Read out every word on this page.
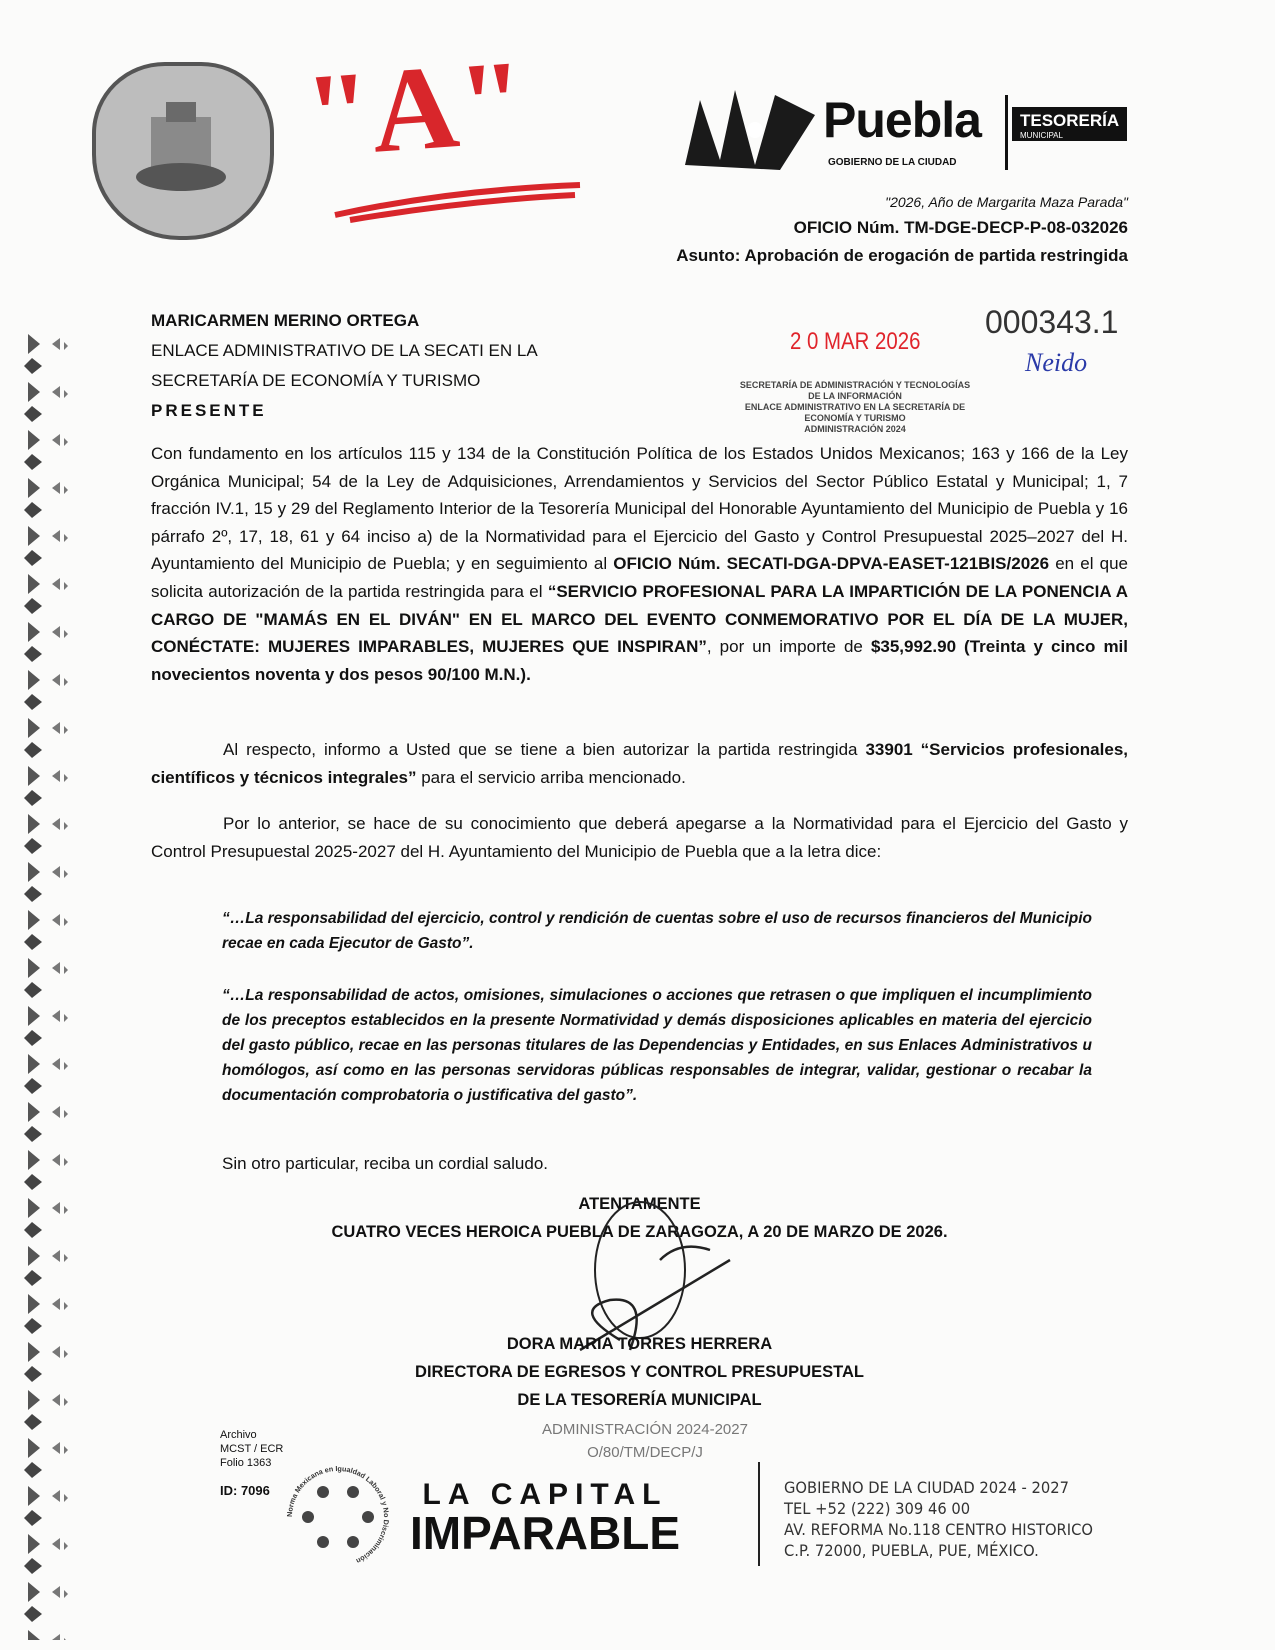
"A"	Puebla
GOBIERNO DE LA CIUDAD
TESORERÍA
MUNICIPAL
"2026, Año de Margarita Maza Parada"
OFICIO Núm. TM-DGE-DECP-P-08-032026
Asunto: Aprobación de erogación de partida restringida
2 0 MAR 2026
000343.1
Neido
SECRETARÍA DE ADMINISTRACIÓN Y TECNOLOGÍAS
DE LA INFORMACIÓN
ENLACE ADMINISTRATIVO EN LA SECRETARÍA DE
ECONOMÍA Y TURISMO
ADMINISTRACIÓN 2024
MARICARMEN MERINO ORTEGA
ENLACE ADMINISTRATIVO DE LA SECATI EN LA
SECRETARÍA DE ECONOMÍA Y TURISMO
PRESENTE
Con fundamento en los artículos 115 y 134 de la Constitución Política de los Estados Unidos Mexicanos; 163 y 166 de la Ley Orgánica Municipal; 54 de la Ley de Adquisiciones, Arrendamientos y Servicios del Sector Público Estatal y Municipal; 1, 7 fracción IV.1, 15 y 29 del Reglamento Interior de la Tesorería Municipal del Honorable Ayuntamiento del Municipio de Puebla y 16 párrafo 2º, 17, 18, 61 y 64 inciso a) de la Normatividad para el Ejercicio del Gasto y Control Presupuestal 2025–2027 del H. Ayuntamiento del Municipio de Puebla; y en seguimiento al OFICIO Núm. SECATI-DGA-DPVA-EASET-121BIS/2026 en el que solicita autorización de la partida restringida para el “SERVICIO PROFESIONAL PARA LA IMPARTICIÓN DE LA PONENCIA A CARGO DE "MAMÁS EN EL DIVÁN" EN EL MARCO DEL EVENTO CONMEMORATIVO POR EL DÍA DE LA MUJER, CONÉCTATE: MUJERES IMPARABLES, MUJERES QUE INSPIRAN”, por un importe de $35,992.90 (Treinta y cinco mil novecientos noventa y dos pesos 90/100 M.N.).
Al respecto, informo a Usted que se tiene a bien autorizar la partida restringida 33901 “Servicios profesionales, científicos y técnicos integrales” para el servicio arriba mencionado.
Por lo anterior, se hace de su conocimiento que deberá apegarse a la Normatividad para el Ejercicio del Gasto y Control Presupuestal 2025-2027 del H. Ayuntamiento del Municipio de Puebla que a la letra dice:
“…La responsabilidad del ejercicio, control y rendición de cuentas sobre el uso de recursos financieros del Municipio recae en cada Ejecutor de Gasto”.
“…La responsabilidad de actos, omisiones, simulaciones o acciones que retrasen o que impliquen el incumplimiento de los preceptos establecidos en la presente Normatividad y demás disposiciones aplicables en materia del ejercicio del gasto público, recae en las personas titulares de las Dependencias y Entidades, en sus Enlaces Administrativos u homólogos, así como en las personas servidoras públicas responsables de integrar, validar, gestionar o recabar la documentación comprobatoria o justificativa del gasto”.
Sin otro particular, reciba un cordial saludo.
ATENTAMENTE
CUATRO VECES HEROICA PUEBLA DE ZARAGOZA, A 20 DE MARZO DE 2026.
DORA MARIA TORRES HERRERA
DIRECTORA DE EGRESOS Y CONTROL PRESUPUESTAL
DE LA TESORERÍA MUNICIPAL
ADMINISTRACIÓN 2024-2027
O/80/TM/DECP/J
Archivo
MCST / ECR
Folio 1363
ID: 7096
Norma Mexicana en Igualdad Laboral y No Discriminación
LA CAPITAL
IMPARABLE
GOBIERNO DE LA CIUDAD 2024 - 2027
TEL +52 (222) 309 46 00
AV. REFORMA No.118 CENTRO HISTORICO
C.P. 72000, PUEBLA, PUE, MÉXICO.
